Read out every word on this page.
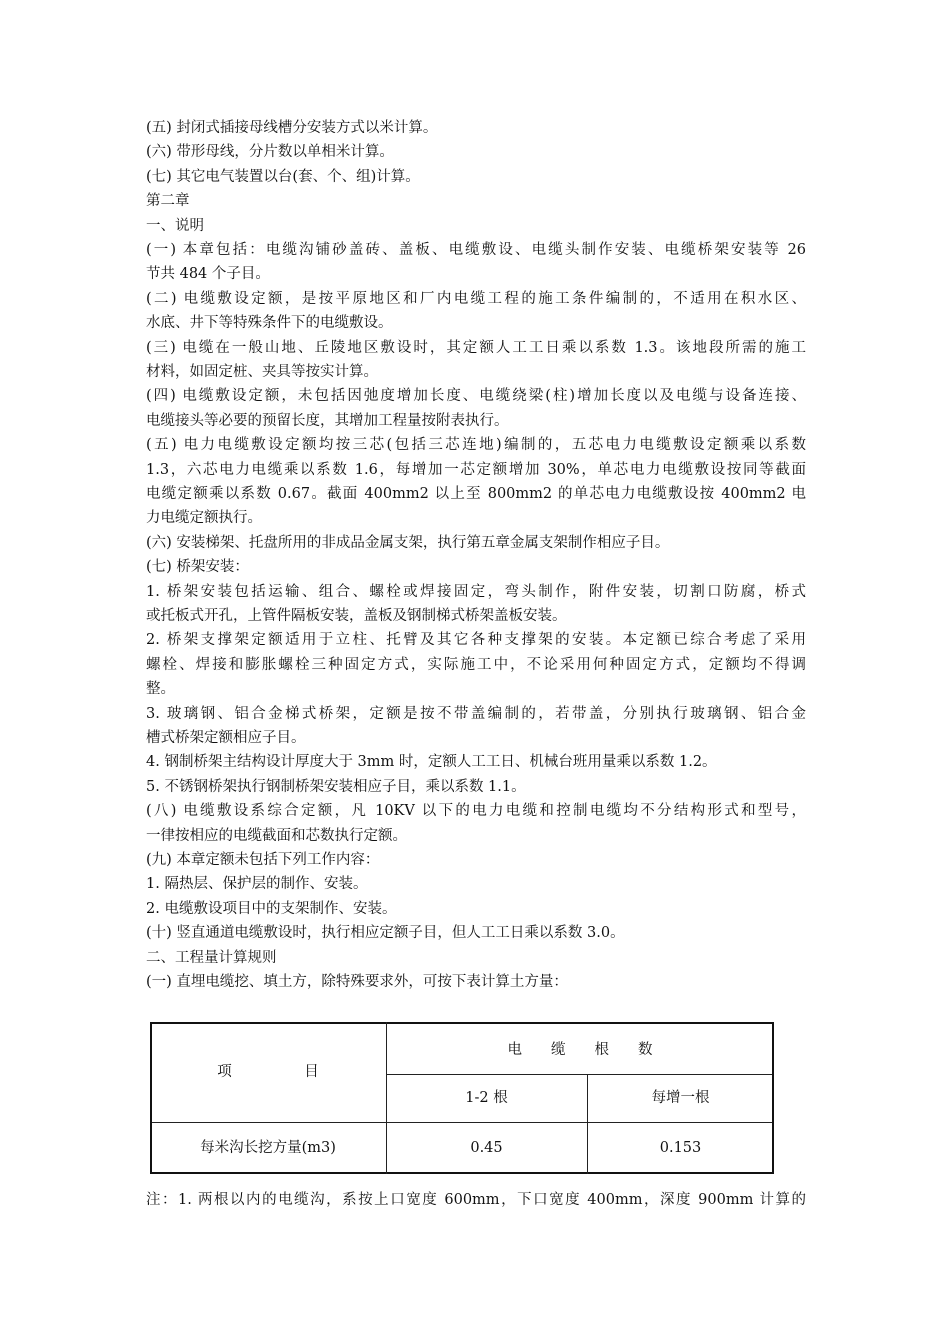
(五) 封闭式插接母线槽分安装方式以米计算。
(六) 带形母线，分片数以单相米计算。
(七) 其它电气装置以台(套、个、组)计算。
第二章
一、说明
(一) 本章包括：电缆沟铺砂盖砖、盖板、电缆敷设、电缆头制作安装、电缆桥架安装等 26
节共 484 个子目。
(二) 电缆敷设定额，是按平原地区和厂内电缆工程的施工条件编制的，不适用在积水区、
水底、井下等特殊条件下的电缆敷设。
(三) 电缆在一般山地、丘陵地区敷设时，其定额人工工日乘以系数 1.3。该地段所需的施工
材料，如固定桩、夹具等按实计算。
(四) 电缆敷设定额，未包括因弛度增加长度、电缆绕梁(柱)增加长度以及电缆与设备连接、
电缆接头等必要的预留长度，其增加工程量按附表执行。
(五) 电力电缆敷设定额均按三芯(包括三芯连地)编制的，五芯电力电缆敷设定额乘以系数
1.3，六芯电力电缆乘以系数 1.6，每增加一芯定额增加 30%，单芯电力电缆敷设按同等截面
电缆定额乘以系数 0.67。截面 400mm2 以上至 800mm2 的单芯电力电缆敷设按 400mm2 电
力电缆定额执行。
(六) 安装梯架、托盘所用的非成品金属支架，执行第五章金属支架制作相应子目。
(七) 桥架安装：
1. 桥架安装包括运输、组合、螺栓或焊接固定，弯头制作，附件安装，切割口防腐，桥式
或托板式开孔，上管件隔板安装，盖板及钢制梯式桥架盖板安装。
2. 桥架支撑架定额适用于立柱、托臂及其它各种支撑架的安装。本定额已综合考虑了采用
螺栓、焊接和膨胀螺栓三种固定方式，实际施工中，不论采用何种固定方式，定额均不得调
整。
3. 玻璃钢、铝合金梯式桥架，定额是按不带盖编制的，若带盖，分别执行玻璃钢、铝合金
槽式桥架定额相应子目。
4. 钢制桥架主结构设计厚度大于 3mm 时，定额人工工日、机械台班用量乘以系数 1.2。
5. 不锈钢桥架执行钢制桥架安装相应子目，乘以系数 1.1。
(八) 电缆敷设系综合定额，凡 10KV 以下的电力电缆和控制电缆均不分结构形式和型号，
一律按相应的电缆截面和芯数执行定额。
(九) 本章定额未包括下列工作内容：
1. 隔热层、保护层的制作、安装。
2. 电缆敷设项目中的支架制作、安装。
(十) 竖直通道电缆敷设时，执行相应定额子目，但人工工日乘以系数 3.0。
二、工程量计算规则
(一) 直埋电缆挖、填土方，除特殊要求外，可按下表计算土方量：
项　　　　　目
电　　缆　　根　　数
1-2 根	每增一根
每米沟长挖方量(m3)	0.45	0.153
注：1. 两根以内的电缆沟，系按上口宽度 600mm，下口宽度 400mm，深度 900mm 计算的
